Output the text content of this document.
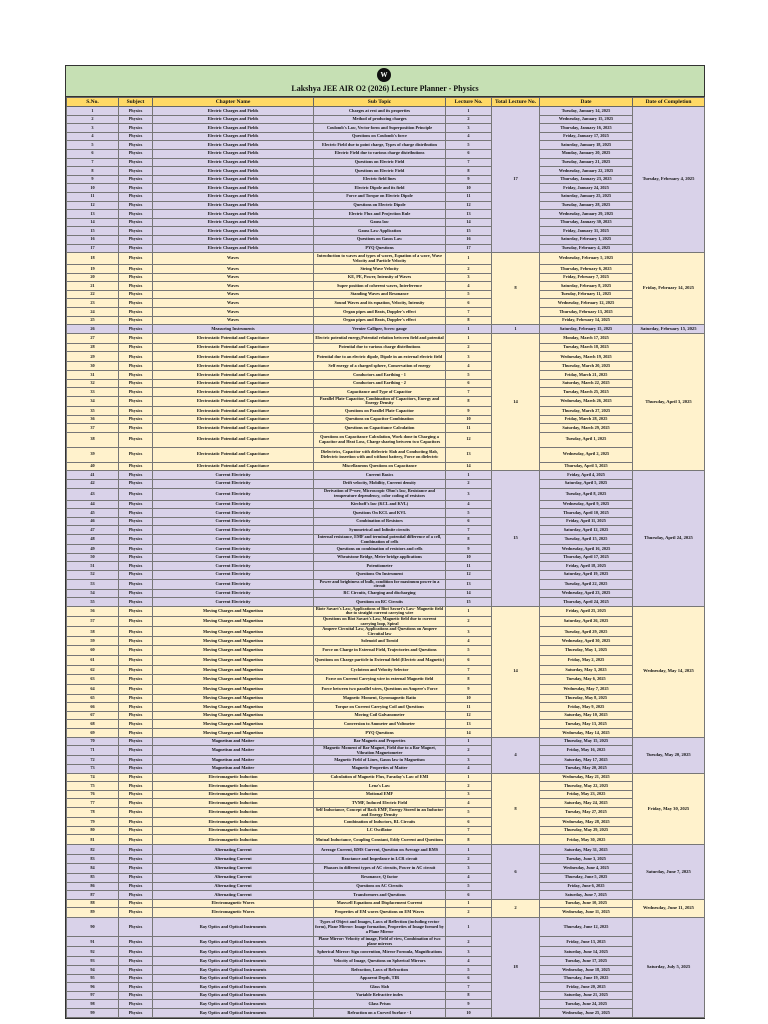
W
Lakshya JEE AIR O2 (2026) Lecture Planner - Physics
S.No.	Subject	Chapter Name	Sub Topic	Lecture No.	Total Lecture No.	Date	Date of Completion
1	Physics	Electric Charges and Fields	Charges at rest and its properties	1	17	Tuesday, January 14, 2025	Tuesday, February 4, 2025
2	Physics	Electric Charges and Fields	Method of producing charges	2		Wednesday, January 15, 2025	
3	Physics	Electric Charges and Fields	Coulomb's Law, Vector form and Superposition Principle	3		Thursday, January 16, 2025	
4	Physics	Electric Charges and Fields	Questions on Coulomb's force	4		Friday, January 17, 2025	
5	Physics	Electric Charges and Fields	Electric Field due to point charge, Types of charge distribution	5		Saturday, January 18, 2025	
6	Physics	Electric Charges and Fields	Electric Field due to various charge distributions	6		Monday, January 20, 2025	
7	Physics	Electric Charges and Fields	Questions on Electric Field	7		Tuesday, January 21, 2025	
8	Physics	Electric Charges and Fields	Questions on Electric Field	8		Wednesday, January 22, 2025	
9	Physics	Electric Charges and Fields	Electric field lines	9		Thursday, January 23, 2025	
10	Physics	Electric Charges and Fields	Electric Dipole and its field	10		Friday, January 24, 2025	
11	Physics	Electric Charges and Fields	Force and Torque on Electric Dipole	11		Saturday, January 25, 2025	
12	Physics	Electric Charges and Fields	Questions on Electric Dipole	12		Tuesday, January 28, 2025	
13	Physics	Electric Charges and Fields	Electric Flux and Projection Rule	13		Wednesday, January 29, 2025	
14	Physics	Electric Charges and Fields	Gauss law	14		Thursday, January 30, 2025	
15	Physics	Electric Charges and Fields	Gauss Law Application	15		Friday, January 31, 2025	
16	Physics	Electric Charges and Fields	Questions on Gauss Law	16		Saturday, February 1, 2025	
17	Physics	Electric Charges and Fields	PYQ Questions	17		Tuesday, February 4, 2025	
18	Physics	Waves	Introduction to waves and types of waves, Equation of a wave, Wave Velocity and Particle Velocity	1	8	Wednesday, February 5, 2025	Friday, February 14, 2025
19	Physics	Waves	String Wave Velocity	2		Thursday, February 6, 2025	
20	Physics	Waves	KE, PE, Power, Intensity of Waves	3		Friday, February 7, 2025	
21	Physics	Waves	Super position of coherent waves, Interference	4		Saturday, February 8, 2025	
22	Physics	Waves	Standing Waves and Resonance	5		Tuesday, February 11, 2025	
23	Physics	Waves	Sound Waves and its equation, Velocity, Intensity	6		Wednesday, February 12, 2025	
24	Physics	Waves	Organ pipes and Beats, Doppler's effect	7		Thursday, February 13, 2025	
25	Physics	Waves	Organ pipes and Beats, Doppler's effect	8		Friday, February 14, 2025	
26	Physics	Measuring Instruments	Vernier Calliper, Screw gauge	1	1	Saturday, February 15, 2025	Saturday, February 15, 2025
27	Physics	Electrostatic Potential and Capacitance	Electric potential energy,Potential relation between field and potential	1	14	Monday, March 17, 2025	Thursday, April 3, 2025
28	Physics	Electrostatic Potential and Capacitance	Potential due to various charge distributions	2		Tuesday, March 18, 2025	
29	Physics	Electrostatic Potential and Capacitance	Potential due to an electric dipole, Dipole in an external electric field	3		Wednesday, March 19, 2025	
30	Physics	Electrostatic Potential and Capacitance	Self energy of a charged sphere, Conservation of energy	4		Thursday, March 20, 2025	
31	Physics	Electrostatic Potential and Capacitance	Conductors and Earthing - 1	5		Friday, March 21, 2025	
32	Physics	Electrostatic Potential and Capacitance	Conductors and Earthing - 2	6		Saturday, March 22, 2025	
33	Physics	Electrostatic Potential and Capacitance	Capacitance and Type of Capacitor	7		Tuesday, March 25, 2025	
34	Physics	Electrostatic Potential and Capacitance	Parallel Plate Capacitor, Combination of Capacitors, Energy and Energy Density	8		Wednesday, March 26, 2025	
35	Physics	Electrostatic Potential and Capacitance	Questions on Parallel Plate Capacitor	9		Thursday, March 27, 2025	
36	Physics	Electrostatic Potential and Capacitance	Questions on Capacitor Combination	10		Friday, March 28, 2025	
37	Physics	Electrostatic Potential and Capacitance	Questions on Capacitance Calculation	11		Saturday, March 29, 2025	
38	Physics	Electrostatic Potential and Capacitance	Questions on Capacitance Calculation, Work done in Charging a Capacitor and Heat Loss, Charge sharing between two Capacitors	12		Tuesday, April 1, 2025	
39	Physics	Electrostatic Potential and Capacitance	Dielectrics, Capacitor with dielectric Slab and Conducting Slab, Dielectric insertion with and without battery, Force on dielectric	13		Wednesday, April 2, 2025	
40	Physics	Electrostatic Potential and Capacitance	Miscellaneous Questions on Capacitance	14		Thursday, April 3, 2025	
41	Physics	Current Electricity	Current Basics	1	15	Friday, April 4, 2025	Thursday, April 24, 2025
42	Physics	Current Electricity	Drift velocity, Mobility, Current density	2		Saturday, April 5, 2025	
43	Physics	Current Electricity	Derivation of P=nev, Microscopic Ohm's law, Resistance and temperature dependency, color coding of resistors	3		Tuesday, April 8, 2025	
44	Physics	Current Electricity	Kirchoff's law (KCL and KVL)	4		Wednesday, April 9, 2025	
45	Physics	Current Electricity	Questions On KCL and KVL	5		Thursday, April 10, 2025	
46	Physics	Current Electricity	Combination of Resistors	6		Friday, April 11, 2025	
47	Physics	Current Electricity	Symmetrical and Infinite circuits	7		Saturday, April 12, 2025	
48	Physics	Current Electricity	Internal resistance, EMF and terminal potential difference of a cell, Combination of cells	8		Tuesday, April 15, 2025	
49	Physics	Current Electricity	Questions on combination of resistors and cells	9		Wednesday, April 16, 2025	
50	Physics	Current Electricity	Wheatstone Bridge, Meter bridge applications	10		Thursday, April 17, 2025	
51	Physics	Current Electricity	Potentiometer	11		Friday, April 18, 2025	
52	Physics	Current Electricity	Questions On Instrument	12		Saturday, April 19, 2025	
53	Physics	Current Electricity	Power and brightness of bulb, condition for maximum power in a circuit	13		Tuesday, April 22, 2025	
54	Physics	Current Electricity	RC Circuits, Charging and discharging	14		Wednesday, April 23, 2025	
55	Physics	Current Electricity	Questions on RC Circuits	15		Thursday, April 24, 2025	
56	Physics	Moving Charges and Magnetism	Biotr Savart's Law, Applications of Biot Savart's Law- Magnetic field due to straight current carrying wire	1	14	Friday, April 25, 2025	Wednesday, May 14, 2025
57	Physics	Moving Charges and Magnetism	Questions on Biot Savart's Law, Magnetic field due to current carrying loop, Spiral	2		Saturday, April 26, 2025	
58	Physics	Moving Charges and Magnetism	Ampere Circuital Law, Applications and Questions on Ampere Circuital law	3		Tuesday, April 29, 2025	
59	Physics	Moving Charges and Magnetism	Solenoid and Toroid	4		Wednesday, April 30, 2025	
60	Physics	Moving Charges and Magnetism	Force on Charge in External Field, Trajectories and Questions	5		Thursday, May 1, 2025	
61	Physics	Moving Charges and Magnetism	Questions on Charge particle in External field (Electric and Magnetic)	6		Friday, May 2, 2025	
62	Physics	Moving Charges and Magnetism	Cyclotron and Velocity Selector	7		Saturday, May 3, 2025	
63	Physics	Moving Charges and Magnetism	Force on Current Carrying wire in external Magnetic field	8		Tuesday, May 6, 2025	
64	Physics	Moving Charges and Magnetism	Force between two parallel wires, Questions on Ampere's Force	9		Wednesday, May 7, 2025	
65	Physics	Moving Charges and Magnetism	Magnetic Moment, Gyromagnetic Ratio	10		Thursday, May 8, 2025	
66	Physics	Moving Charges and Magnetism	Torque on Current Carrying Coil and Questions	11		Friday, May 9, 2025	
67	Physics	Moving Charges and Magnetism	Moving Coil Galvanometer	12		Saturday, May 10, 2025	
68	Physics	Moving Charges and Magnetism	Conversion to Ammeter and Voltmeter	13		Tuesday, May 13, 2025	
69	Physics	Moving Charges and Magnetism	PYQ Questions	14		Wednesday, May 14, 2025	
70	Physics	Magnetism and Matter	Bar Magnets and Properties	1	4	Thursday, May 15, 2025	Tuesday, May 20, 2025
71	Physics	Magnetism and Matter	Magnetic Moment of Bar Magnet, Field due to a Bar Magnet, Vibration Magnetometer	2		Friday, May 16, 2025	
72	Physics	Magnetism and Matter	Magnetic Field of Lines, Gauss law in Magnetism	3		Saturday, May 17, 2025	
73	Physics	Magnetism and Matter	Magnetic Properties of Matter	4		Tuesday, May 20, 2025	
74	Physics	Electromagnetic Induction	Calculation of Magnetic Flux, Faraday's Law of EMI	1	8	Wednesday, May 21, 2025	Friday, May 30, 2025
75	Physics	Electromagnetic Induction	Lenz's Law	2		Thursday, May 22, 2025	
76	Physics	Electromagnetic Induction	Motional EMF	3		Friday, May 23, 2025	
77	Physics	Electromagnetic Induction	TVMF, Induced Electric Field	4		Saturday, May 24, 2025	
78	Physics	Electromagnetic Induction	Self Inductance, Concept of Back EMF, Energy Stored in an Inductor and Energy Density	5		Tuesday, May 27, 2025	
79	Physics	Electromagnetic Induction	Combination of Inductors, RL Circuits	6		Wednesday, May 28, 2025	
80	Physics	Electromagnetic Induction	LC Oscillator	7		Thursday, May 29, 2025	
81	Physics	Electromagnetic Induction	Mutual Inductance, Coupling Constant, Eddy Current and Questions	8		Friday, May 30, 2025	
82	Physics	Alternating Current	Average Current, RMS Current, Question on Average and RMS	1	6	Saturday, May 31, 2025	Saturday, June 7, 2025
83	Physics	Alternating Current	Reactance and Impedance in LCR circuit	2		Tuesday, June 3, 2025	
84	Physics	Alternating Current	Phasors in different types of AC circuits, Power in AC circuit	3		Wednesday, June 4, 2025	
85	Physics	Alternating Current	Resonance, Q factor	4		Thursday, June 5, 2025	
86	Physics	Alternating Current	Questions on AC Circuits	5		Friday, June 6, 2025	
87	Physics	Alternating Current	Transformers and Questions	6		Saturday, June 7, 2025	
88	Physics	Electromagnetic Waves	Maxwell Equations and Displacement Current	1	2	Tuesday, June 10, 2025	Wednesday, June 11, 2025
89	Physics	Electromagnetic Waves	Properties of EM waves Questions on EM Waves	2		Wednesday, June 11, 2025	
90	Physics	Ray Optics and Optical Instruments	Types of Object and Images, Laws of Reflection (including vector form), Plane Mirror: Image formation, Properties of Image formed by a Plane Mirror	1	18	Thursday, June 12, 2025	Saturday, July 5, 2025
91	Physics	Ray Optics and Optical Instruments	Plane Mirror: Velocity of image, Field of view, Combination of two plane mirrors	2		Friday, June 13, 2025	
92	Physics	Ray Optics and Optical Instruments	Spherical Mirror: Sign convention, Mirror Formula, Magnifications	3		Saturday, June 14, 2025	
93	Physics	Ray Optics and Optical Instruments	Velocity of Image, Questions on Spherical Mirrors	4		Tuesday, June 17, 2025	
94	Physics	Ray Optics and Optical Instruments	Refraction, Laws of Refraction	5		Wednesday, June 18, 2025	
95	Physics	Ray Optics and Optical Instruments	Apparent Depth, TIR	6		Thursday, June 19, 2025	
96	Physics	Ray Optics and Optical Instruments	Glass Slab	7		Friday, June 20, 2025	
97	Physics	Ray Optics and Optical Instruments	Variable Refractive index	8		Saturday, June 21, 2025	
98	Physics	Ray Optics and Optical Instruments	Glass Prism	9		Tuesday, June 24, 2025	
99	Physics	Ray Optics and Optical Instruments	Refraction on a Curved Surface - 1	10		Wednesday, June 25, 2025	
